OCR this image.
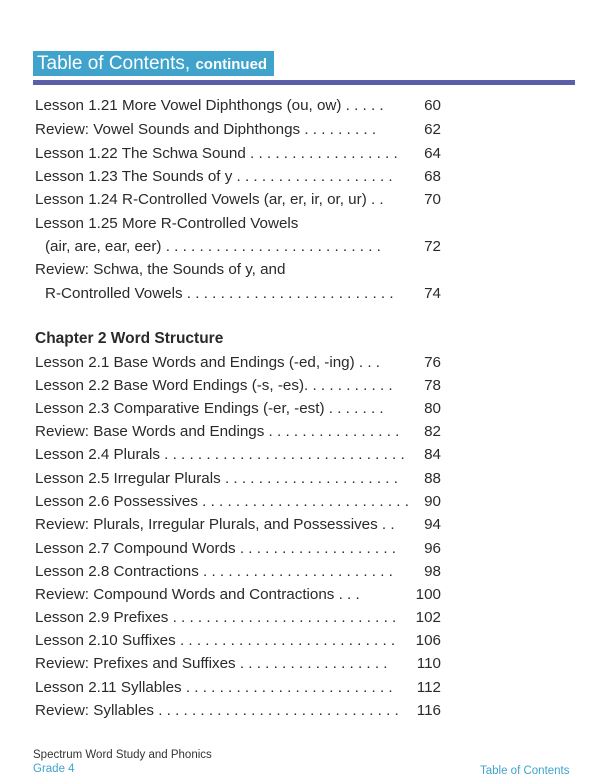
Table of Contents, continued
Lesson 1.21 More Vowel Diphthongs (ou, ow) . . . . .	60
Review: Vowel Sounds and Diphthongs . . . . . . . . .	62
Lesson 1.22 The Schwa Sound . . . . . . . . . . . . . . . . . . 64
Lesson 1.23 The Sounds of y . . . . . . . . . . . . . . . . . . . 68
Lesson 1.24 R-Controlled Vowels (ar, er, ir, or, ur) . .	70
Lesson 1.25 More R-Controlled Vowels
(air, are, ear, eer) . . . . . . . . . . . . . . . . . . . . . . . . . .	72
Review: Schwa, the Sounds of y, and
R-Controlled Vowels . . . . . . . . . . . . . . . . . . . . . . . . . 74
Chapter 2 Word Structure
Lesson 2.1 Base Words and Endings (-ed, -ing) . . .	76
Lesson 2.2 Base Word Endings (-s, -es). . . . . . . . . . . 78
Lesson 2.3 Comparative Endings (-er, -est) . . . . . . .	80
Review: Base Words and Endings . . . . . . . . . . . . . . . . 82
Lesson 2.4 Plurals . . . . . . . . . . . . . . . . . . . . . . . . . . . . . 84
Lesson 2.5 Irregular Plurals . . . . . . . . . . . . . . . . . . . . . 88
Lesson 2.6 Possessives . . . . . . . . . . . . . . . . . . . . . . . . . 90
Review: Plurals, Irregular Plurals, and Possessives . . 94
Lesson 2.7 Compound Words . . . . . . . . . . . . . . . . . . . 96
Lesson 2.8 Contractions . . . . . . . . . . . . . . . . . . . . . . . 98
Review: Compound Words and Contractions . . .	100
Lesson 2.9 Prefixes . . . . . . . . . . . . . . . . . . . . . . . . . . . 102
Lesson 2.10 Suffixes . . . . . . . . . . . . . . . . . . . . . . . . . . 106
Review: Prefixes and Suffixes . . . . . . . . . . . . . . . . . . 110
Lesson 2.11 Syllables . . . . . . . . . . . . . . . . . . . . . . . . . 112
Review: Syllables . . . . . . . . . . . . . . . . . . . . . . . . . . . . . 116
Spectrum Word Study and Phonics
Grade 4	Table of Contents
